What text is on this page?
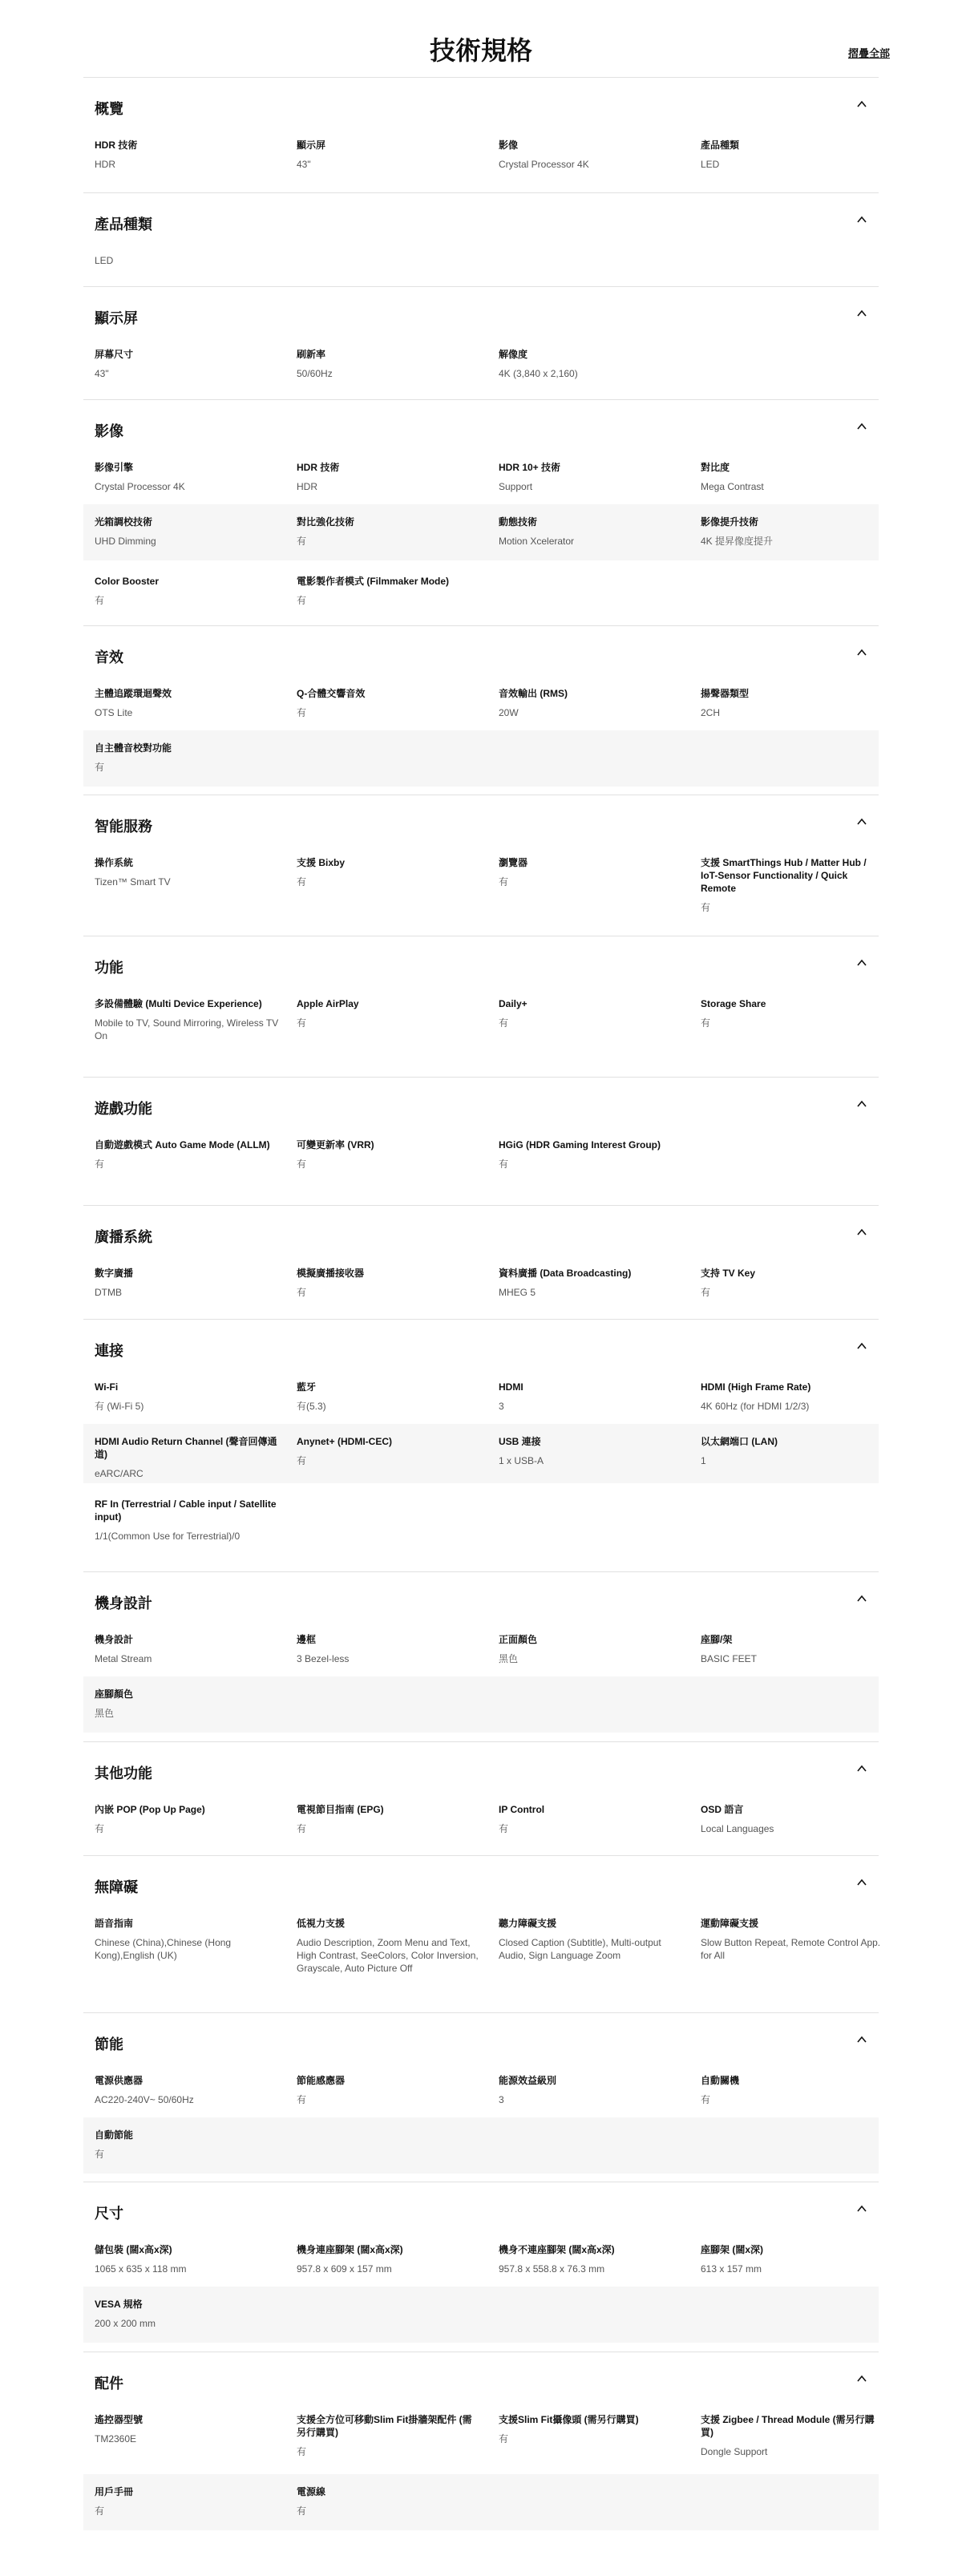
技術規格	摺疊全部
概覽
HDR 技術
HDR
顯示屏
43"
影像
Crystal Processor 4K
產品種類
LED
產品種類
LED
顯示屏
屏幕尺寸
43"
刷新率
50/60Hz
解像度
4K (3,840 x 2,160)
影像
影像引擎
Crystal Processor 4K
HDR 技術
HDR
HDR 10+ 技術
Support
對比度
Mega Contrast
光箱調校技術
UHD Dimming
對比強化技術
有
動態技術
Motion Xcelerator
影像提升技術
4K 提昇像度提升
Color Booster
有
電影製作者模式 (Filmmaker Mode)
有
音效
主體追蹤環迴聲效
OTS Lite
Q-合體交響音效
有
音效輸出 (RMS)
20W
揚聲器類型
2CH
自主體音校對功能
有
智能服務
操作系統
Tizen™ Smart TV
支援 Bixby
有
瀏覽器
有
支援 SmartThings Hub / Matter Hub / IoT-Sensor Functionality / Quick Remote
有
功能
多設備體驗 (Multi Device Experience)
Mobile to TV, Sound Mirroring, Wireless TV On
Apple AirPlay
有
Daily+
有
Storage Share
有
遊戲功能
自動遊戲模式 Auto Game Mode (ALLM)
有
可變更新率 (VRR)
有
HGiG (HDR Gaming Interest Group)
有
廣播系統
數字廣播
DTMB
模擬廣播接收器
有
資料廣播 (Data Broadcasting)
MHEG 5
支持 TV Key
有
連接
Wi-Fi
有 (Wi-Fi 5)
藍牙
有(5.3)
HDMI
3
HDMI (High Frame Rate)
4K 60Hz (for HDMI 1/2/3)
HDMI Audio Return Channel (聲音回傳通道)
eARC/ARC
Anynet+ (HDMI-CEC)
有
USB 連接
1 x USB-A
以太網端口 (LAN)
1
RF In (Terrestrial / Cable input / Satellite input)
1/1(Common Use for Terrestrial)/0
機身設計
機身設計
Metal Stream
邊框
3 Bezel-less
正面顏色
黑色
座腳/架
BASIC FEET
座腳顏色
黑色
其他功能
內嵌 POP (Pop Up Page)
有
電視節目指南 (EPG)
有
IP Control
有
OSD 語言
Local Languages
無障礙
語音指南
Chinese (China),Chinese (Hong Kong),English (UK)
低視力支援
Audio Description, Zoom Menu and Text, High Contrast, SeeColors, Color Inversion, Grayscale, Auto Picture Off
聽力障礙支援
Closed Caption (Subtitle), Multi-output Audio, Sign Language Zoom
運動障礙支援
Slow Button Repeat, Remote Control App. for All
節能
電源供應器
AC220-240V~ 50/60Hz
節能感應器
有
能源效益級別
3
自動關機
有
自動節能
有
尺寸
儲包裝 (闊x高x深)
1065 x 635 x 118 mm
機身連座腳架 (闊x高x深)
957.8 x 609 x 157 mm
機身不連座腳架 (闊x高x深)
957.8 x 558.8 x 76.3 mm
座腳架 (闊x深)
613 x 157 mm
VESA 規格
200 x 200 mm
配件
遙控器型號
TM2360E
支援全方位可移動Slim Fit掛牆架配件 (需另行購買)
有
支援Slim Fit攝像頭 (需另行購買)
有
支援 Zigbee / Thread Module (需另行購買)
Dongle Support
用戶手冊
有
電源線
有
